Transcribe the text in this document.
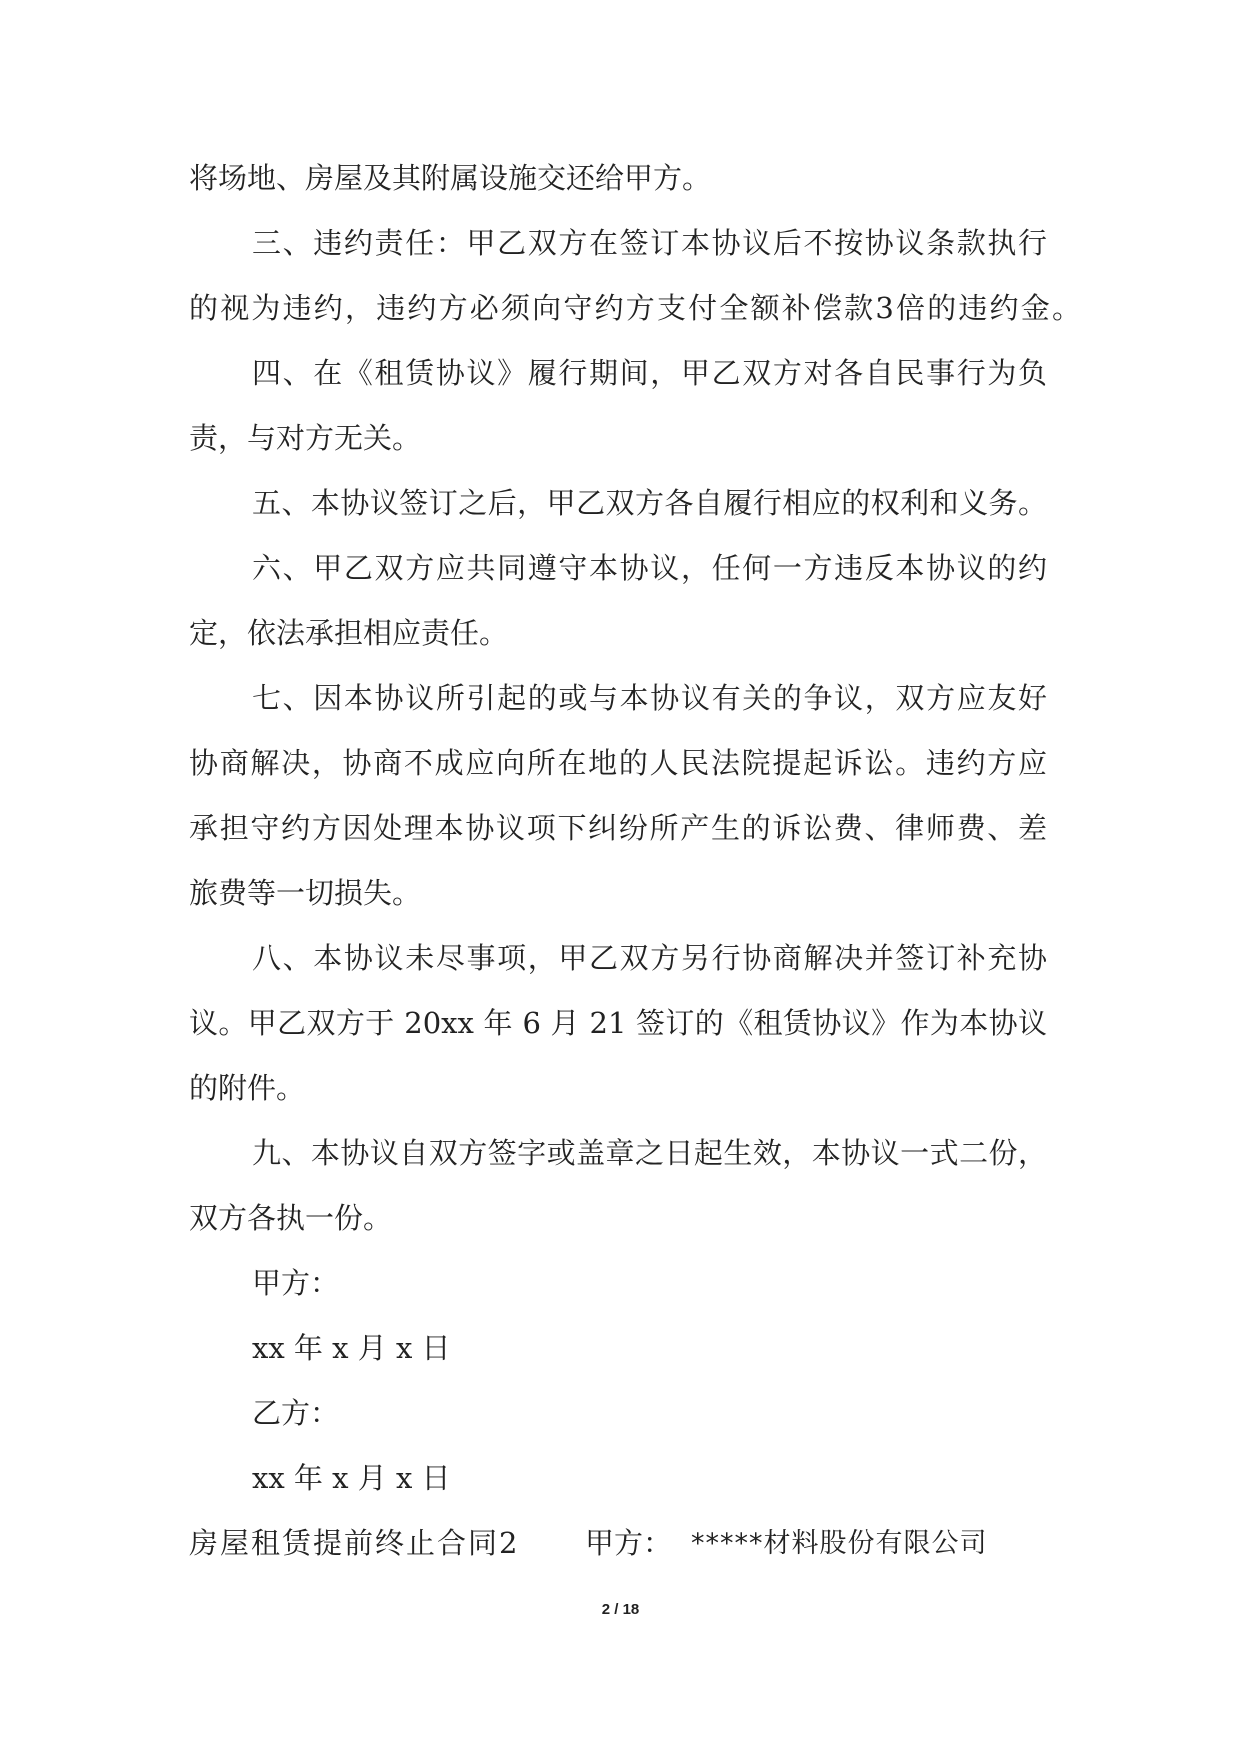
将场地、房屋及其附属设施交还给甲方。
三、违约责任：甲乙双方在签订本协议后不按协议条款执行
的视为违约，违约方必须向守约方支付全额补偿款3倍的违约金。
四、在《租赁协议》履行期间，甲乙双方对各自民事行为负
责，与对方无关。
五、本协议签订之后，甲乙双方各自履行相应的权利和义务。
六、甲乙双方应共同遵守本协议，任何一方违反本协议的约
定，依法承担相应责任。
七、因本协议所引起的或与本协议有关的争议，双方应友好
协商解决，协商不成应向所在地的人民法院提起诉讼。违约方应
承担守约方因处理本协议项下纠纷所产生的诉讼费、律师费、差
旅费等一切损失。
八、本协议未尽事项，甲乙双方另行协商解决并签订补充协
议。甲乙双方于 20xx 年 6 月 21 签订的《租赁协议》作为本协议
的附件。
九、本协议自双方签字或盖章之日起生效，本协议一式二份，
双方各执一份。
甲方：
xx 年 x 月 x 日
乙方：
xx 年 x 月 x 日
房屋租赁提前终止合同2 甲方： *****材料股份有限公司
2 / 18
